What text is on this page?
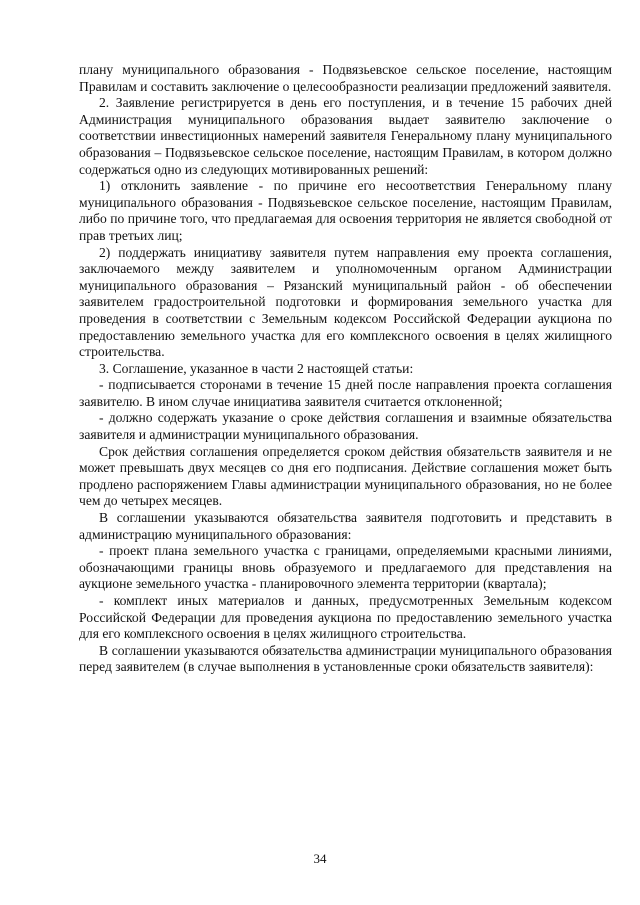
плану муниципального образования - Подвязьевское сельское поселение, настоящим Правилам и составить заключение о целесообразности реализации предложений заявителя.

2. Заявление регистрируется в день его поступления, и в течение 15 рабочих дней Администрация муниципального образования выдает заявителю заключение о соответствии инвестиционных намерений заявителя Генеральному плану муниципального образования – Подвязьевское сельское поселение, настоящим Правилам, в котором должно содержаться одно из следующих мотивированных решений:

1) отклонить заявление - по причине его несоответствия Генеральному плану муниципального образования - Подвязьевское сельское поселение, настоящим Правилам, либо по причине того, что предлагаемая для освоения территория не является свободной от прав третьих лиц;

2) поддержать инициативу заявителя путем направления ему проекта соглашения, заключаемого между заявителем и уполномоченным органом Администрации муниципального образования – Рязанский муниципальный район - об обеспечении заявителем градостроительной подготовки и формирования земельного участка для проведения в соответствии с Земельным кодексом Российской Федерации аукциона по предоставлению земельного участка для его комплексного освоения в целях жилищного строительства.

3. Соглашение, указанное в части 2 настоящей статьи:

- подписывается сторонами в течение 15 дней после направления проекта соглашения заявителю. В ином случае инициатива заявителя считается отклоненной;

- должно содержать указание о сроке действия соглашения и взаимные обязательства заявителя и администрации муниципального образования.

Срок действия соглашения определяется сроком действия обязательств заявителя и не может превышать двух месяцев со дня его подписания. Действие соглашения может быть продлено распоряжением Главы администрации муниципального образования, но не более чем до четырех месяцев.

В соглашении указываются обязательства заявителя подготовить и представить в администрацию муниципального образования:

- проект плана земельного участка с границами, определяемыми красными линиями, обозначающими границы вновь образуемого и предлагаемого для представления на аукционе земельного участка - планировочного элемента территории (квартала);

- комплект иных материалов и данных, предусмотренных Земельным кодексом Российской Федерации для проведения аукциона по предоставлению земельного участка для его комплексного освоения в целях жилищного строительства.

В соглашении указываются обязательства администрации муниципального образования перед заявителем (в случае выполнения в установленные сроки обязательств заявителя):

34
